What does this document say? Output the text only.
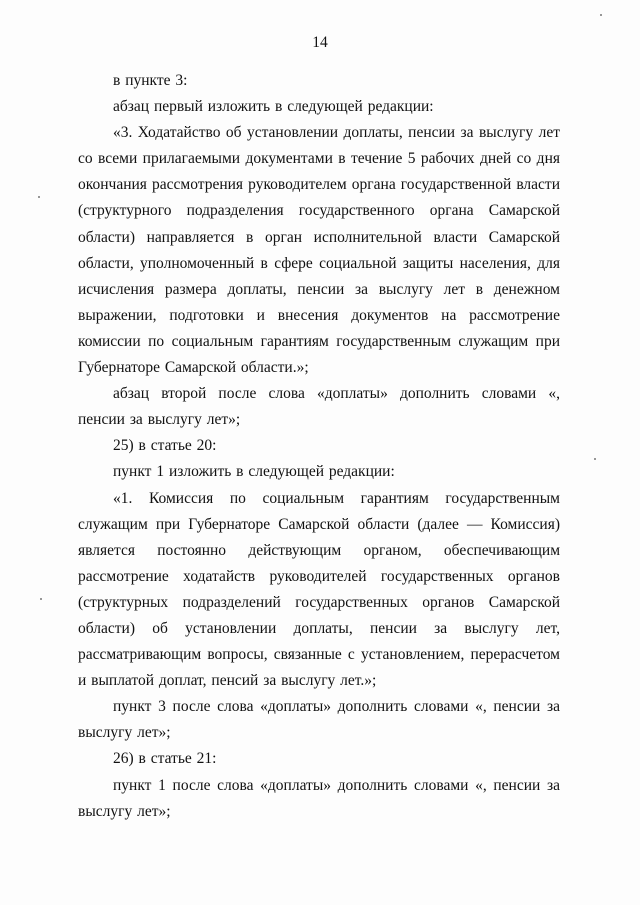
14

в пункте 3:

абзац первый изложить в следующей редакции:

«3. Ходатайство об установлении доплаты, пенсии за выслугу лет со всеми прилагаемыми документами в течение 5 рабочих дней со дня окончания рассмотрения руководителем органа государственной власти (структурного подразделения государственного органа Самарской области) направляется в орган исполнительной власти Самарской области, уполномоченный в сфере социальной защиты населения, для исчисления размера доплаты, пенсии за выслугу лет в денежном выражении, подготовки и внесения документов на рассмотрение комиссии по социальным гарантиям государственным служащим при Губернаторе Самарской области.»;

абзац второй после слова «доплаты» дополнить словами «, пенсии за выслугу лет»;

25) в статье 20:

пункт 1 изложить в следующей редакции:

«1. Комиссия по социальным гарантиям государственным служащим при Губернаторе Самарской области (далее — Комиссия) является постоянно действующим органом, обеспечивающим рассмотрение ходатайств руководителей государственных органов (структурных подразделений государственных органов Самарской области) об установлении доплаты, пенсии за выслугу лет, рассматривающим вопросы, связанные с установлением, перерасчетом и выплатой доплат, пенсий за выслугу лет.»;

пункт 3 после слова «доплаты» дополнить словами «, пенсии за выслугу лет»;

26) в статье 21:

пункт 1 после слова «доплаты» дополнить словами «, пенсии за выслугу лет»;
